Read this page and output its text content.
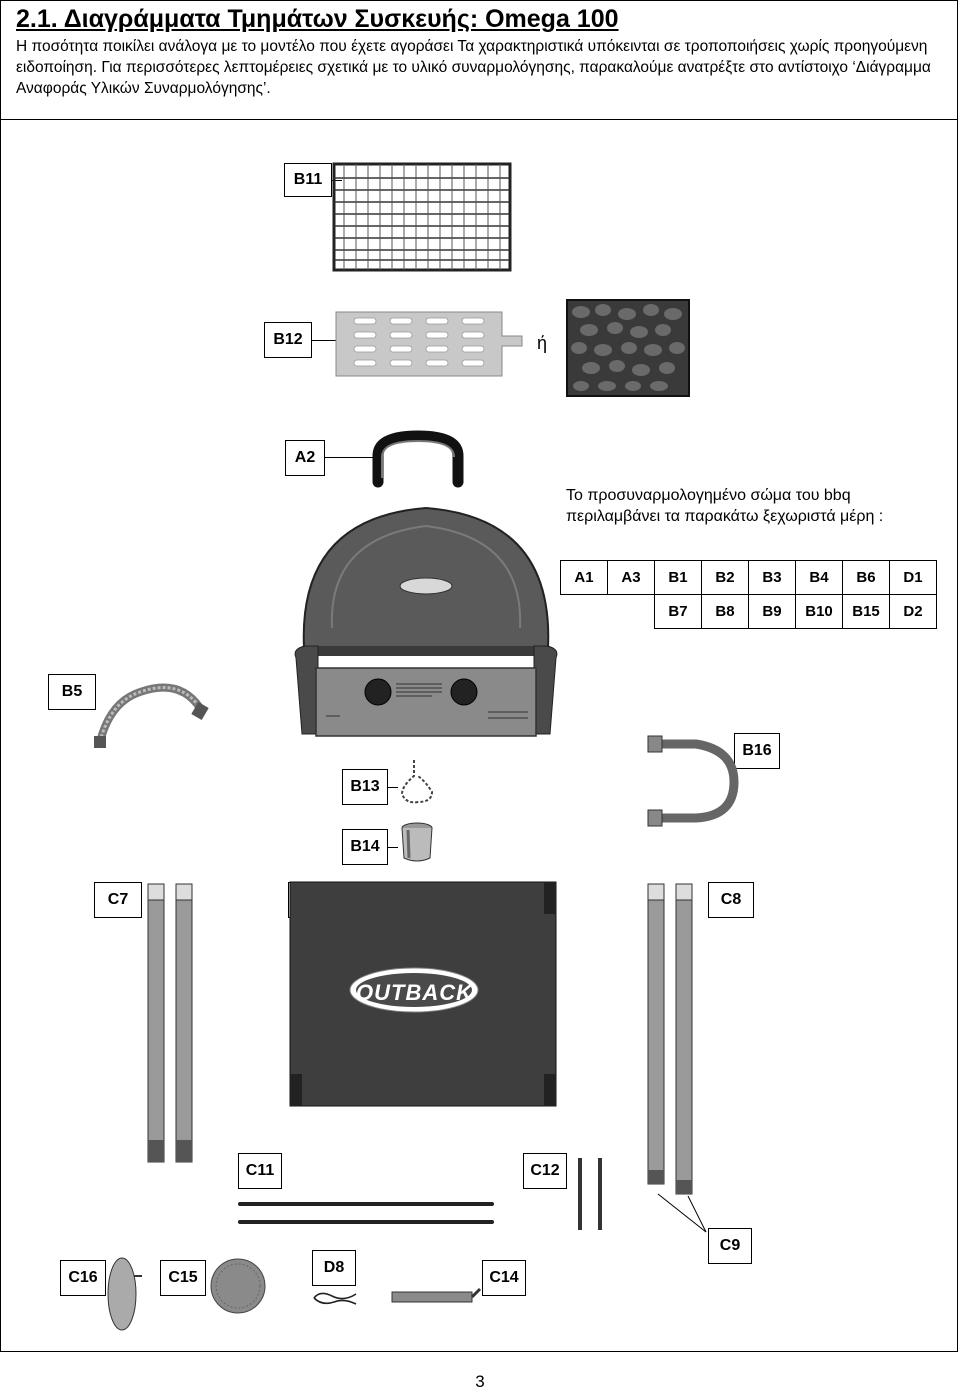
2.1. Διαγράμματα Τμημάτων Συσκευής: Omega 100

Η ποσότητα ποικίλει ανάλογα με το μοντέλο που έχετε αγοράσει Τα χαρακτηριστικά υπόκεινται σε τροποποιήσεις χωρίς προηγούμενη ειδοποίηση. Για περισσότερες λεπτομέρειες σχετικά με το υλικό συναρμολόγησης, παρακαλούμε ανατρέξτε στο αντίστοιχο ‘Διάγραμμα Αναφοράς Υλικών Συναρμολόγησης’.

B11
B12	ή
A2
Το προσυναρμολογημένο σώμα του bbq περιλαμβάνει τα παρακάτω ξεχωριστά μέρη :
A1	A3	B1	B2	B3	B4	B6	D1
		B7	B8	B9	B10	B15	D2
B5
B16
B13
B14
C7
OUTBACK
C8
C11	C12
C9
C16	C15
D8
C14
3
